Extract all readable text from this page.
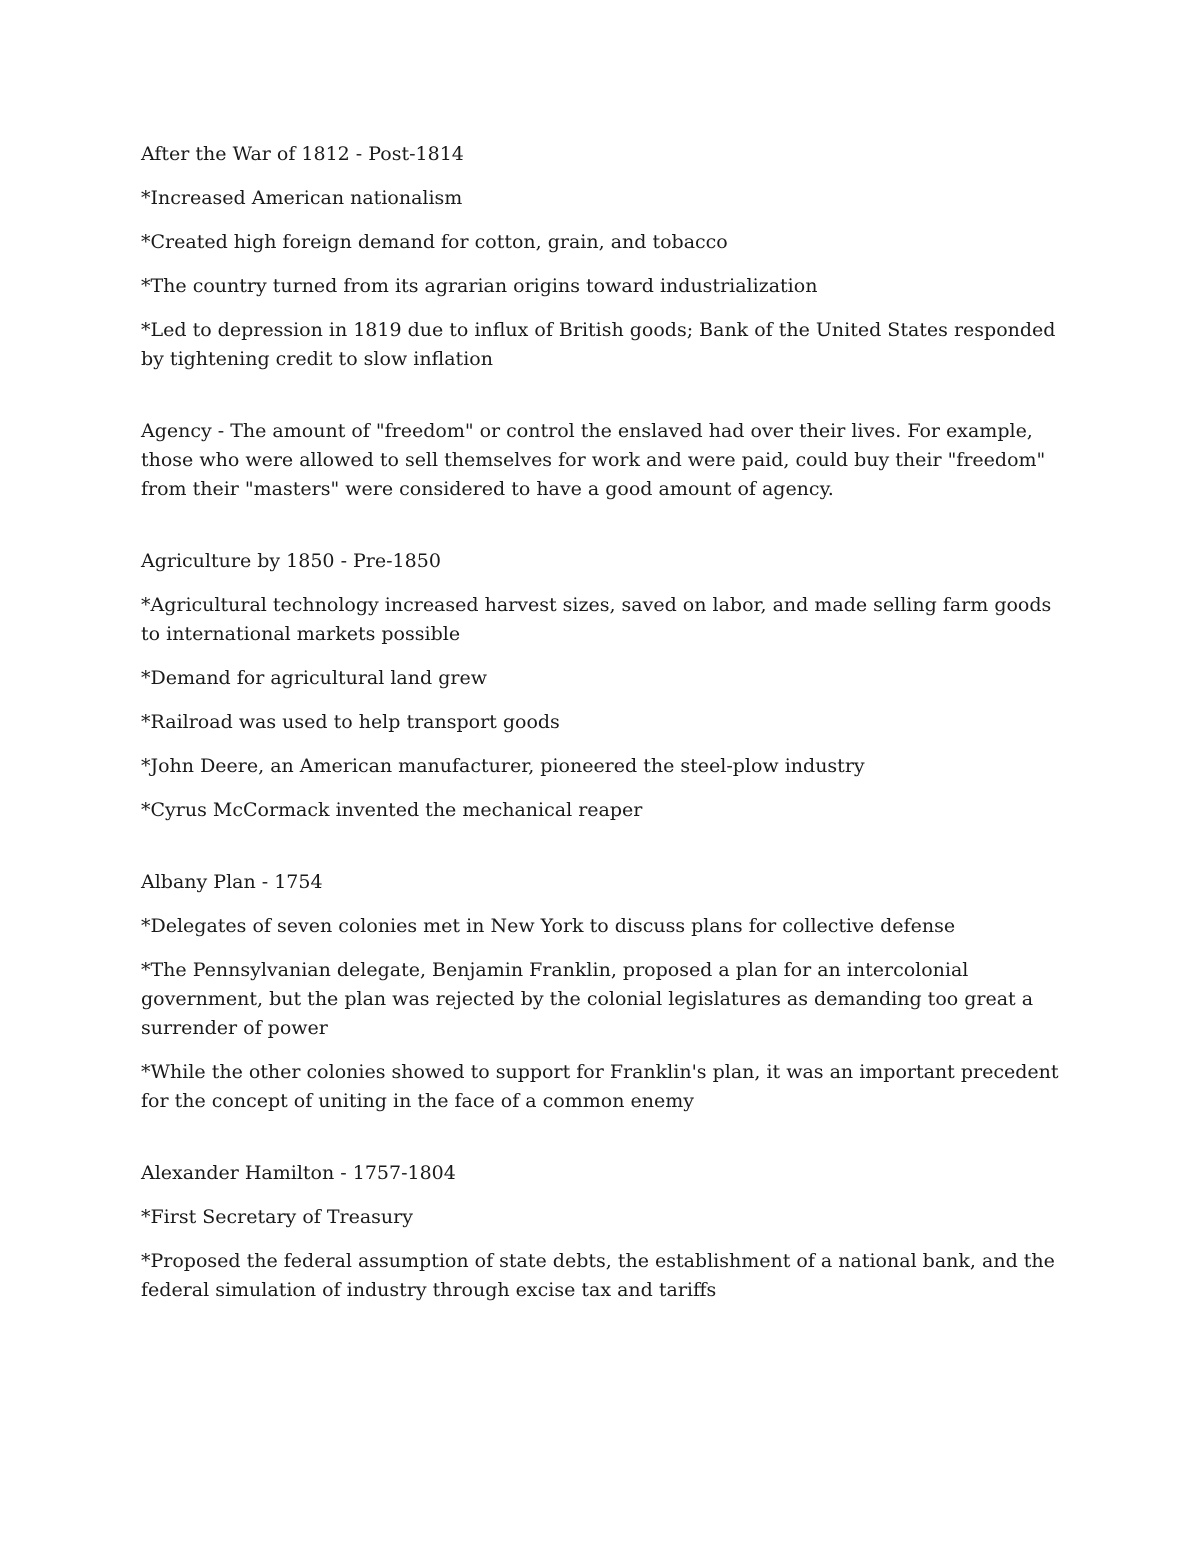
After the War of 1812 - Post-1814

*Increased American nationalism

*Created high foreign demand for cotton, grain, and tobacco

*The country turned from its agrarian origins toward industrialization

*Led to depression in 1819 due to influx of British goods; Bank of the United States responded by tightening credit to slow inflation

Agency - The amount of "freedom" or control the enslaved had over their lives. For example, those who were allowed to sell themselves for work and were paid, could buy their "freedom" from their "masters" were considered to have a good amount of agency.

Agriculture by 1850 - Pre-1850

*Agricultural technology increased harvest sizes, saved on labor, and made selling farm goods to international markets possible

*Demand for agricultural land grew

*Railroad was used to help transport goods

*John Deere, an American manufacturer, pioneered the steel-plow industry

*Cyrus McCormack invented the mechanical reaper

Albany Plan - 1754

*Delegates of seven colonies met in New York to discuss plans for collective defense

*The Pennsylvanian delegate, Benjamin Franklin, proposed a plan for an intercolonial government, but the plan was rejected by the colonial legislatures as demanding too great a surrender of power

*While the other colonies showed to support for Franklin's plan, it was an important precedent for the concept of uniting in the face of a common enemy

Alexander Hamilton - 1757-1804

*First Secretary of Treasury

*Proposed the federal assumption of state debts, the establishment of a national bank, and the federal simulation of industry through excise tax and tariffs
